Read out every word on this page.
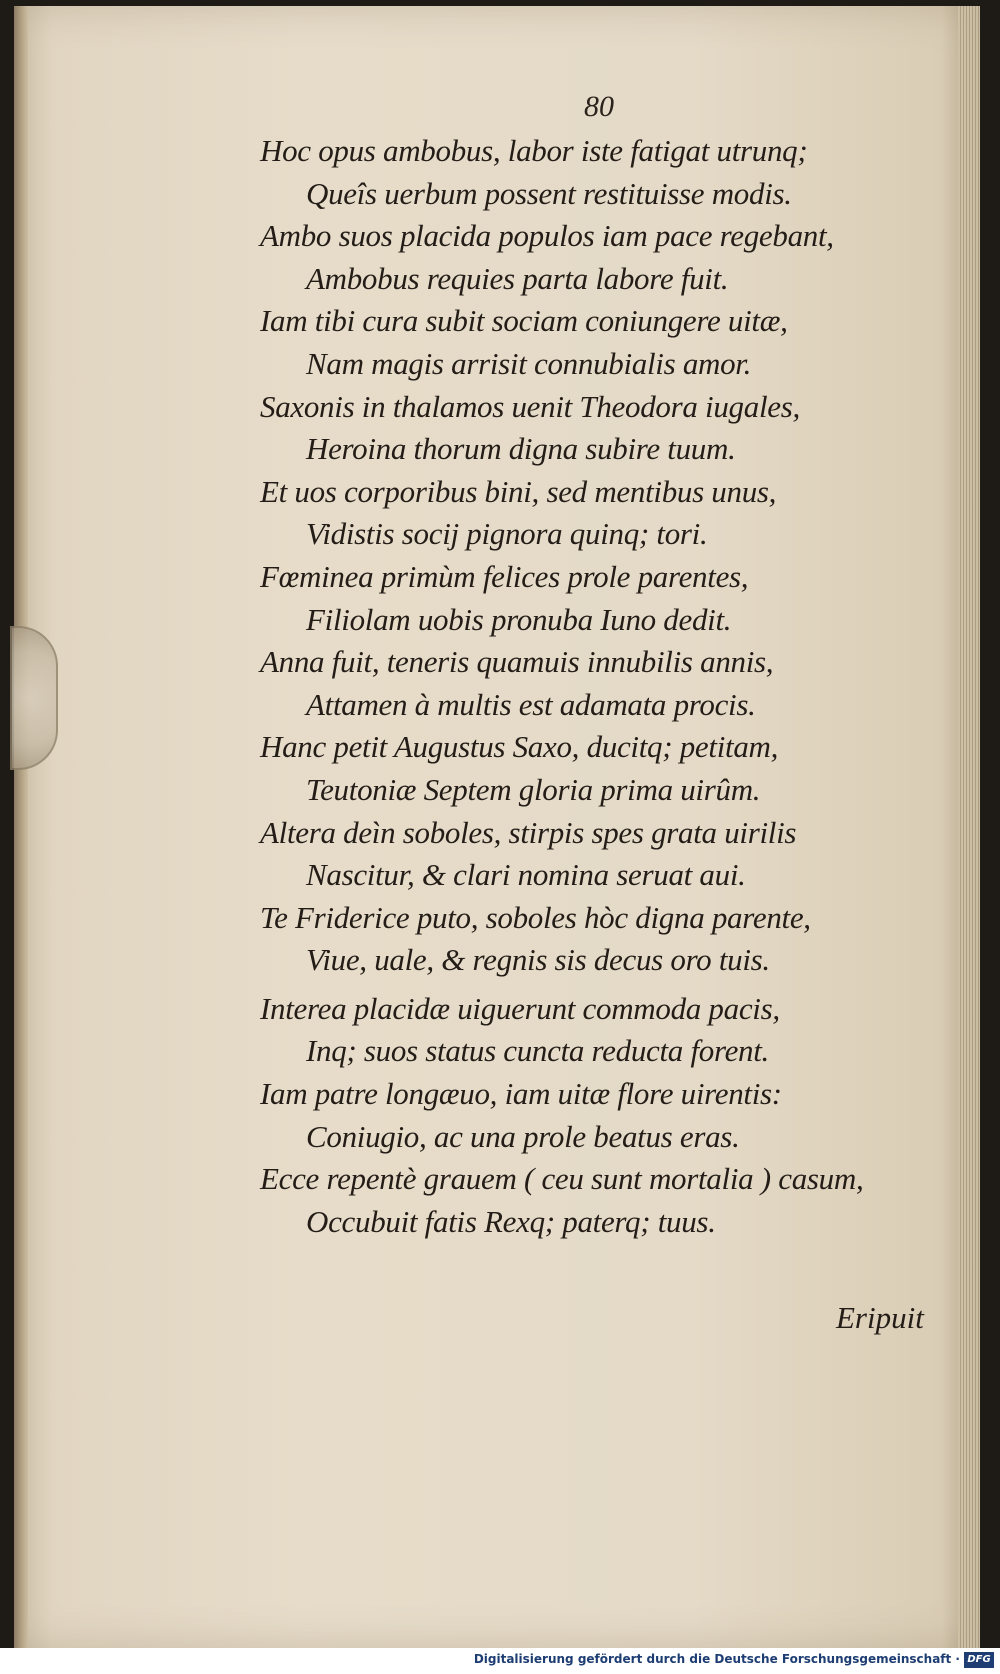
80
Hoc opus ambobus, labor iste fatigat utrunq;
Queîs uerbum possent restituisse modis.
Ambo suos placida populos iam pace regebant,
Ambobus requies parta labore fuit.
Iam tibi cura subit sociam coniungere uitæ,
Nam magis arrisit connubialis amor.
Saxonis in thalamos uenit Theodora iugales,
Heroina thorum digna subire tuum.
Et uos corporibus bini, sed mentibus unus,
Vidistis socij pignora quinq; tori.
Fœminea primùm felices prole parentes,
Filiolam uobis pronuba Iuno dedit.
Anna fuit, teneris quamuis innubilis annis,
Attamen à multis est adamata procis.
Hanc petit Augustus Saxo, ducitq; petitam,
Teutoniæ Septem gloria prima uirûm.
Altera deìn soboles, stirpis spes grata uirilis
Nascitur, & clari nomina seruat aui.
Te Friderice puto, soboles hòc digna parente,
Viue, uale, & regnis sis decus oro tuis.
Interea placidæ uiguerunt commoda pacis,
Inq; suos status cuncta reducta forent.
Iam patre longæuo, iam uitæ flore uirentis:
Coniugio, ac una prole beatus eras.
Ecce repentè grauem ( ceu sunt mortalia ) casum,
Occubuit fatis Rexq; paterq; tuus.
Eripuit
Digitalisierung gefördert durch die Deutsche Forschungsgemeinschaft · DFG
